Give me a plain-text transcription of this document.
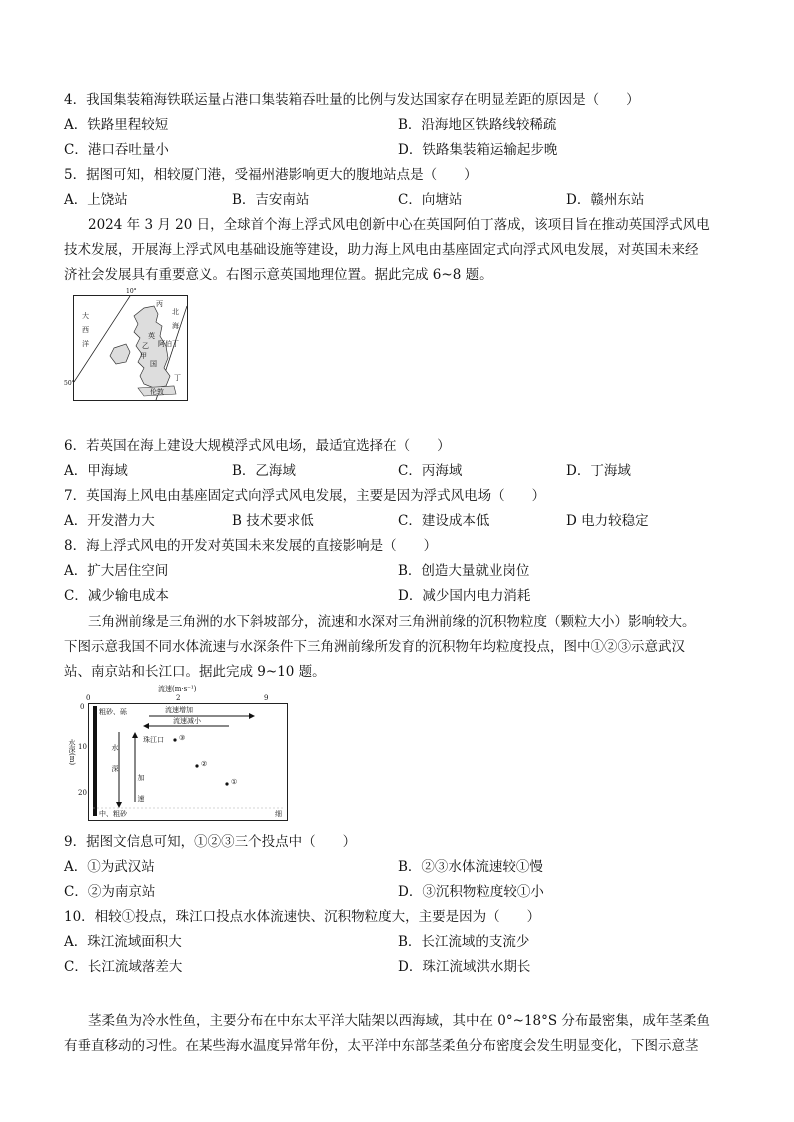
4．我国集装箱海铁联运量占港口集装箱吞吐量的比例与发达国家存在明显差距的原因是（　　）
A．铁路里程较短	B．沿海地区铁路线较稀疏
C．港口吞吐量小	D．铁路集装箱运输起步晚
5．据图可知，相较厦门港，受福州港影响更大的腹地站点是（　　）
A．上饶站	B．吉安南站	C．向塘站	D．赣州东站
2024 年 3 月 20 日，全球首个海上浮式风电创新中心在英国阿伯丁落成，该项目旨在推动英国浮式风电
技术发展，开展海上浮式风电基础设施等建设，助力海上风电由基座固定式向浮式风电发展，对英国未来经
济社会发展具有重要意义。右图示意英国地理位置。据此完成 6~8 题。
大
西
洋
北
海
丙
英
国
乙 阿伯丁
甲
丁
伦敦
10°
50°
6．若英国在海上建设大规模浮式风电场，最适宜选择在（　　）
A．甲海域	B．乙海域	C．丙海域	D．丁海域
7．英国海上风电由基座固定式向浮式风电发展，主要是因为浮式风电场（　　）
A．开发潜力大	B 技术要求低	C．建设成本低	D 电力较稳定
8．海上浮式风电的开发对英国未来发展的直接影响是（　　）
A．扩大居住空间	B．创造大量就业岗位
C．减少输电成本	D．减少国内电力消耗
三角洲前缘是三角洲的水下斜坡部分，流速和水深对三角洲前缘的沉积物粒度（颗粒大小）影响较大。
下图示意我国不同水体流速与水深条件下三角洲前缘所发育的沉积物年均粒度投点，图中①②③示意武汉
站、南京站和长江口。据此完成 9~10 题。
流速(m·s⁻¹)
0	2	9
水深(m)
0
10
20
粗砂、砾	流速增加
流速减小
水　　深
加　　速
珠江口 ③
②
①
中、粗砂	细
9．据图文信息可知，①②③三个投点中（　　）
A．①为武汉站	B．②③水体流速较①慢
C．②为南京站	D．③沉积物粒度较①小
10．相较①投点，珠江口投点水体流速快、沉积物粒度大，主要是因为（　　）
A．珠江流域面积大	B．长江流域的支流少
C．长江流域落差大	D．珠江流域洪水期长
茎柔鱼为冷水性鱼，主要分布在中东太平洋大陆架以西海域，其中在 0°~18°S 分布最密集，成年茎柔鱼
有垂直移动的习性。在某些海水温度异常年份，太平洋中东部茎柔鱼分布密度会发生明显变化，下图示意茎
